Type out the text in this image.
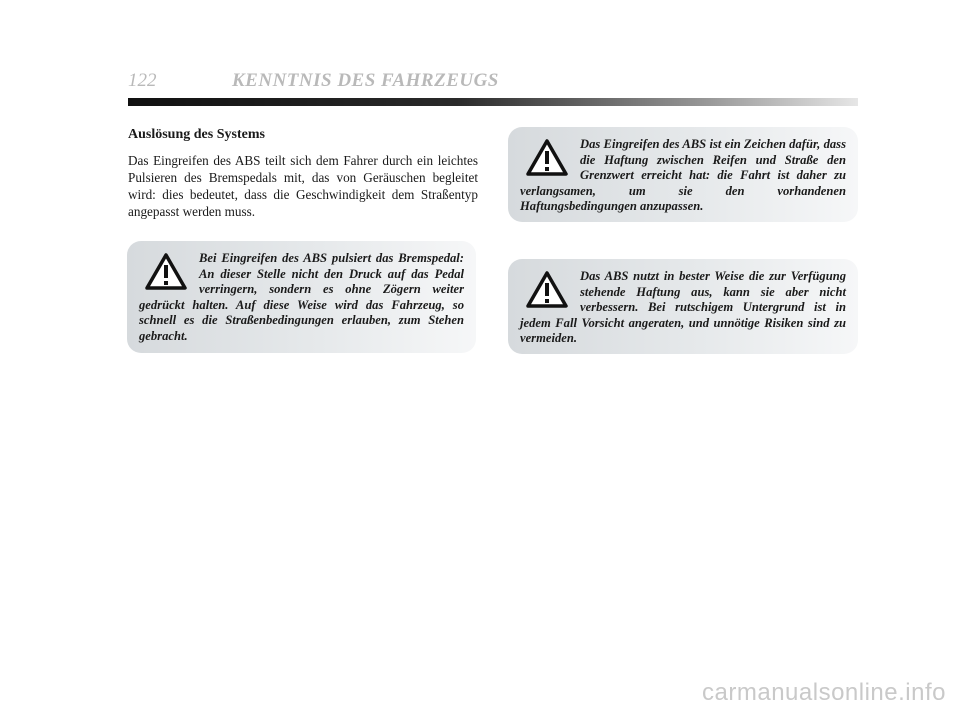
122	KENNTNIS DES FAHRZEUGS
Auslösung des Systems
Das Eingreifen des ABS teilt sich dem Fahrer durch ein leichtes Pulsieren des Bremspedals mit, das von Geräuschen begleitet wird: dies bedeutet, dass die Geschwindigkeit dem Straßentyp angepasst werden muss.
Bei Eingreifen des ABS pulsiert das Bremspedal: An dieser Stelle nicht den Druck auf das Pedal verringern, sondern es ohne Zögern weiter gedrückt halten. Auf diese Weise wird das Fahrzeug, so schnell es die Straßenbedingungen erlauben, zum Stehen gebracht.
Das Eingreifen des ABS ist ein Zeichen dafür, dass die Haftung zwischen Reifen und Straße den Grenzwert erreicht hat: die Fahrt ist daher zu verlangsamen, um sie den vorhandenen Haftungsbedingungen anzupassen.
Das ABS nutzt in bester Weise die zur Verfügung stehende Haftung aus, kann sie aber nicht verbessern. Bei rutschigem Untergrund ist in jedem Fall Vorsicht angeraten, und unnötige Risiken sind zu vermeiden.
carmanualsonline.info
